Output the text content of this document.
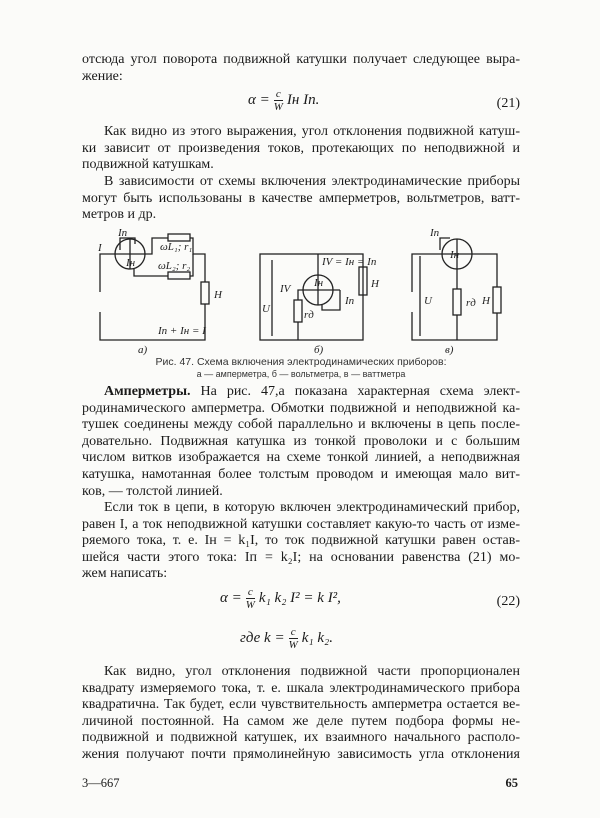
отсюда угол поворота подвижной катушки получает следующее выра-
жение:
$\alpha = \frac{c}{W}$ Iн Iп.	(21)
Как видно из этого выражения, угол отклонения подвижной катуш-
ки зависит от произведения токов, протекающих по неподвижной и
подвижной катушкам.
В зависимости от схемы включения электродинамические приборы
могут быть использованы в качестве амперметров, вольтметров, ватт-
метров и др.
Iп
I
Iн
ωL₁; r₁
ωL₂; r₂
Н
Iп + Iн = I
а)
IV = Iн = Iп
Iн
IV
U
Iп
rд
Н
б)
Iп
Iн
U	rд Н
в)
Рис. 47. Схема включения электродинамических приборов:
а — амперметра, б — вольтметра, в — ваттметра
Амперметры. На рис. 47,а показана характерная схема элект-
родинамического амперметра. Обмотки подвижной и неподвижной ка-
тушек соединены между собой параллельно и включены в цепь после-
довательно. Подвижная катушка из тонкой проволоки и с большим
числом витков изображается на схеме тонкой линией, а неподвижная
катушка, намотанная более толстым проводом и имеющая мало вит-
ков, — толстой линией.
Если ток в цепи, в которую включен электродинамический прибор,
равен I, а ток неподвижной катушки составляет какую-то часть от изме-
ряемого тока, т. е. Iн = k₁I, то ток подвижной катушки равен остав-
шейся части этого тока: Iп = k₂I; на основании равенства (21) мо-
жем написать:
$\alpha = \frac{c}{W} k_1$ k₂ I² = k I²,	(22)
где $k = \frac{c}{W} k_1$ k₂.
Как видно, угол отклонения подвижной части пропорционален
квадрату измеряемого тока, т. е. шкала электродинамического прибора
квадратична. Так будет, если чувствительность амперметра остается ве-
личиной постоянной. На самом же деле путем подбора формы не-
подвижной и подвижной катушек, их взаимного начального располо-
жения получают почти прямолинейную зависимость угла отклонения
3—667	65
